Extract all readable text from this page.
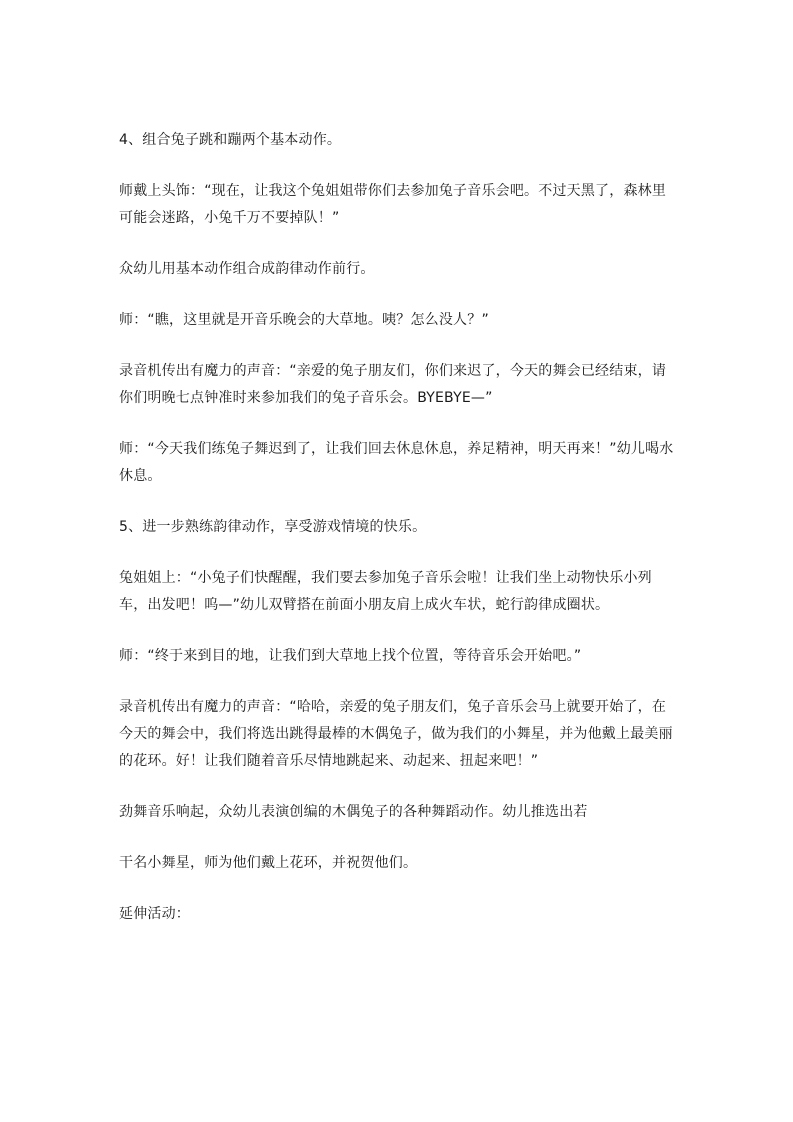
4、组合兔子跳和蹦两个基本动作。

师戴上头饰：“现在，让我这个兔姐姐带你们去参加兔子音乐会吧。不过天黑了，森林里可能会迷路，小兔千万不要掉队！”

众幼儿用基本动作组合成韵律动作前行。

师：“瞧，这里就是开音乐晚会的大草地。咦？怎么没人？”

录音机传出有魔力的声音：“亲爱的兔子朋友们，你们来迟了，今天的舞会已经结束，请你们明晚七点钟准时来参加我们的兔子音乐会。BYEBYE—”

师：“今天我们练兔子舞迟到了，让我们回去休息休息，养足精神，明天再来！”幼儿喝水休息。

5、进一步熟练韵律动作，享受游戏情境的快乐。

兔姐姐上：“小兔子们快醒醒，我们要去参加兔子音乐会啦！让我们坐上动物快乐小列车，出发吧！呜—”幼儿双臂搭在前面小朋友肩上成火车状，蛇行韵律成圈状。

师：“终于来到目的地，让我们到大草地上找个位置，等待音乐会开始吧。”

录音机传出有魔力的声音：“哈哈，亲爱的兔子朋友们，兔子音乐会马上就要开始了，在今天的舞会中，我们将选出跳得最棒的木偶兔子，做为我们的小舞星，并为他戴上最美丽的花环。好！让我们随着音乐尽情地跳起来、动起来、扭起来吧！”

劲舞音乐响起，众幼儿表演创编的木偶兔子的各种舞蹈动作。幼儿推选出若

干名小舞星，师为他们戴上花环，并祝贺他们。

延伸活动：
